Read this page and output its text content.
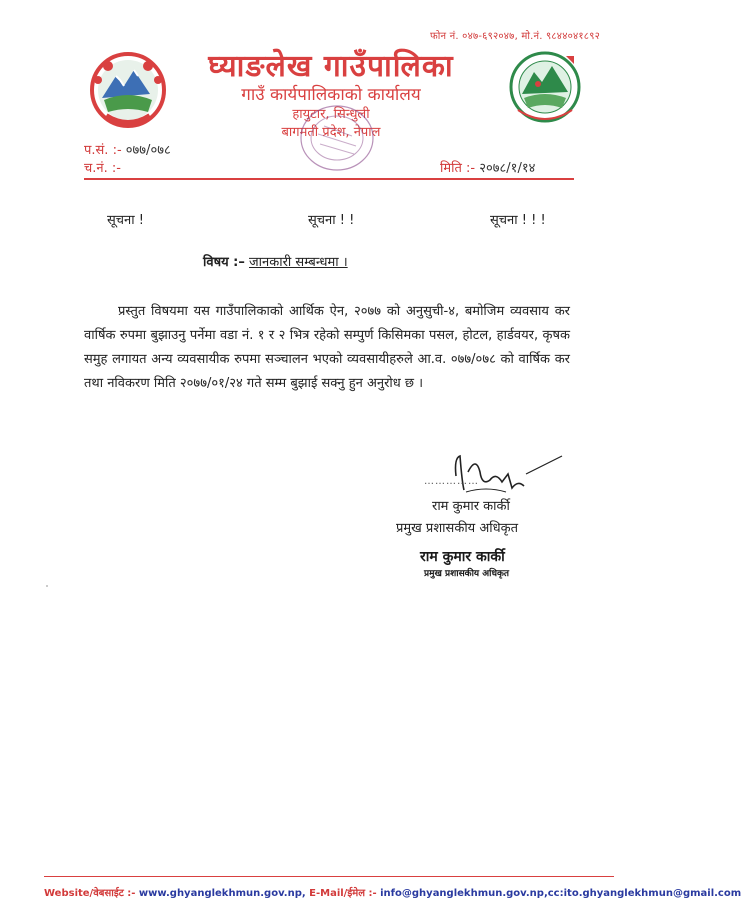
फोन नं. ०४७-६९२०४७, मो.नं. ९८४४०४१८९२
घ्याङलेख गाउँपालिका
गाउँ कार्यपालिकाको कार्यालय
हायुटार, सिन्धुली
बागमती प्रदेश, नेपाल
प.सं. :- ०७७/०७८
च.नं. :-	मिति :- २०७८/१/१४
सूचना !	सूचना ! !	सूचना ! ! !
विषय :– जानकारी सम्बन्धमा ।
प्रस्तुत विषयमा यस गाउँपालिकाको आर्थिक ऐन, २०७७ को अनुसुची-४, बमोजिम व्यवसाय कर वार्षिक रुपमा बुझाउनु पर्नेमा वडा नं. १ र २ भित्र रहेको सम्पुर्ण किसिमका पसल, होटल, हार्डवयर, कृषक समुह लगायत अन्य व्यवसायीक रुपमा सञ्चालन भएको व्यवसायीहरुले आ.व. ०७७/०७८ को वार्षिक कर तथा नविकरण मिति २०७७/०१/२४ गते सम्म बुझाई सक्नु हुन अनुरोध छ ।
……………
राम कुमार कार्की
प्रमुख प्रशासकीय अधिकृत
राम कुमार कार्की
प्रमुख प्रशासकीय अधिकृत
Website/वेबसाईट :- www.ghyanglekhmun.gov.np, E-Mail/ईमेल :- info@ghyanglekhmun.gov.np,cc:ito.ghyanglekhmun@gmail.com
